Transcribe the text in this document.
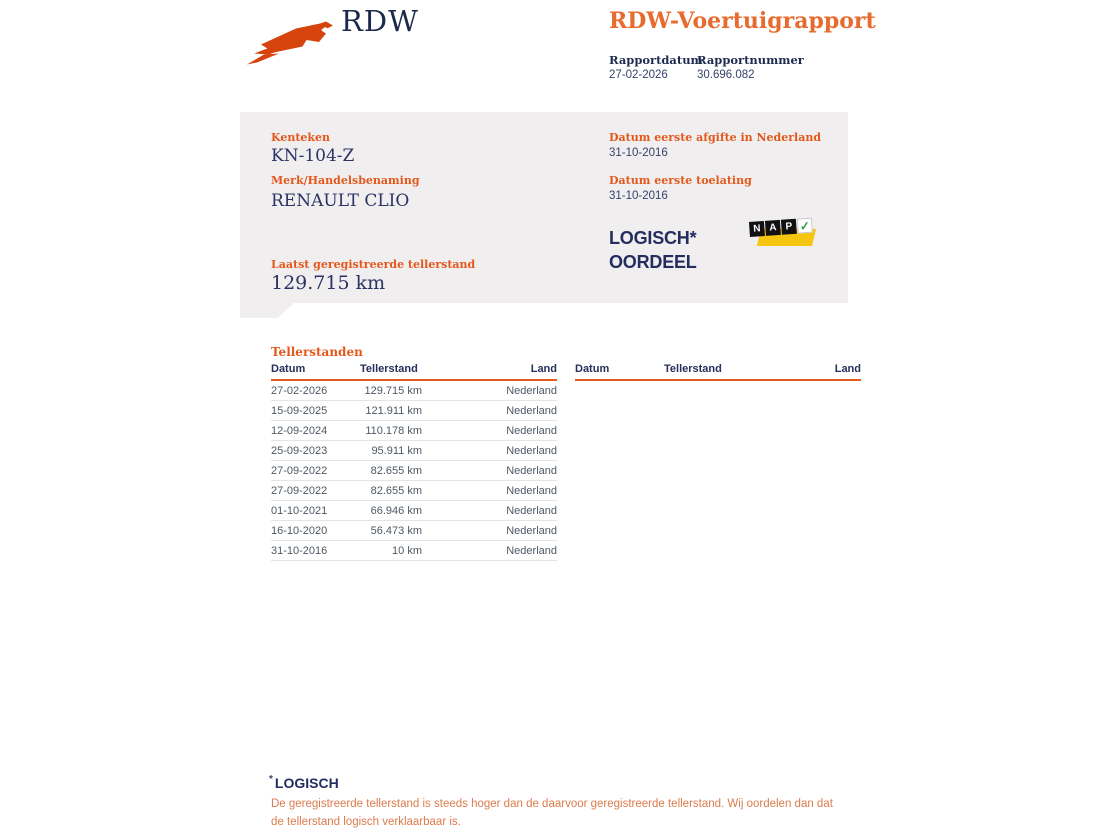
RDW	RDW-Voertuigrapport
Rapportdatum
Rapportnummer
27-02-2026	30.696.082
Kenteken
KN-104-Z
Merk/Handelsbenaming
RENAULT CLIO
Datum eerste afgifte in Nederland
31-10-2016
Datum eerste toelating
31-10-2016
LOGISCH*
OORDEEL
N A P ✓
Laatst geregistreerde tellerstand
129.715 km
Tellerstanden
Datum	Tellerstand	Land
27-02-2026	129.715 km	Nederland
15-09-2025	121.911 km	Nederland
12-09-2024	110.178 km	Nederland
25-09-2023	95.911 km	Nederland
27-09-2022	82.655 km	Nederland
27-09-2022	82.655 km	Nederland
01-10-2021	66.946 km	Nederland
16-10-2020	56.473 km	Nederland
31-10-2016	10 km	Nederland
Datum	Tellerstand	Land
* LOGISCH
De geregistreerde tellerstand is steeds hoger dan de daarvoor geregistreerde tellerstand. Wij oordelen dan dat de tellerstand logisch verklaarbaar is.
